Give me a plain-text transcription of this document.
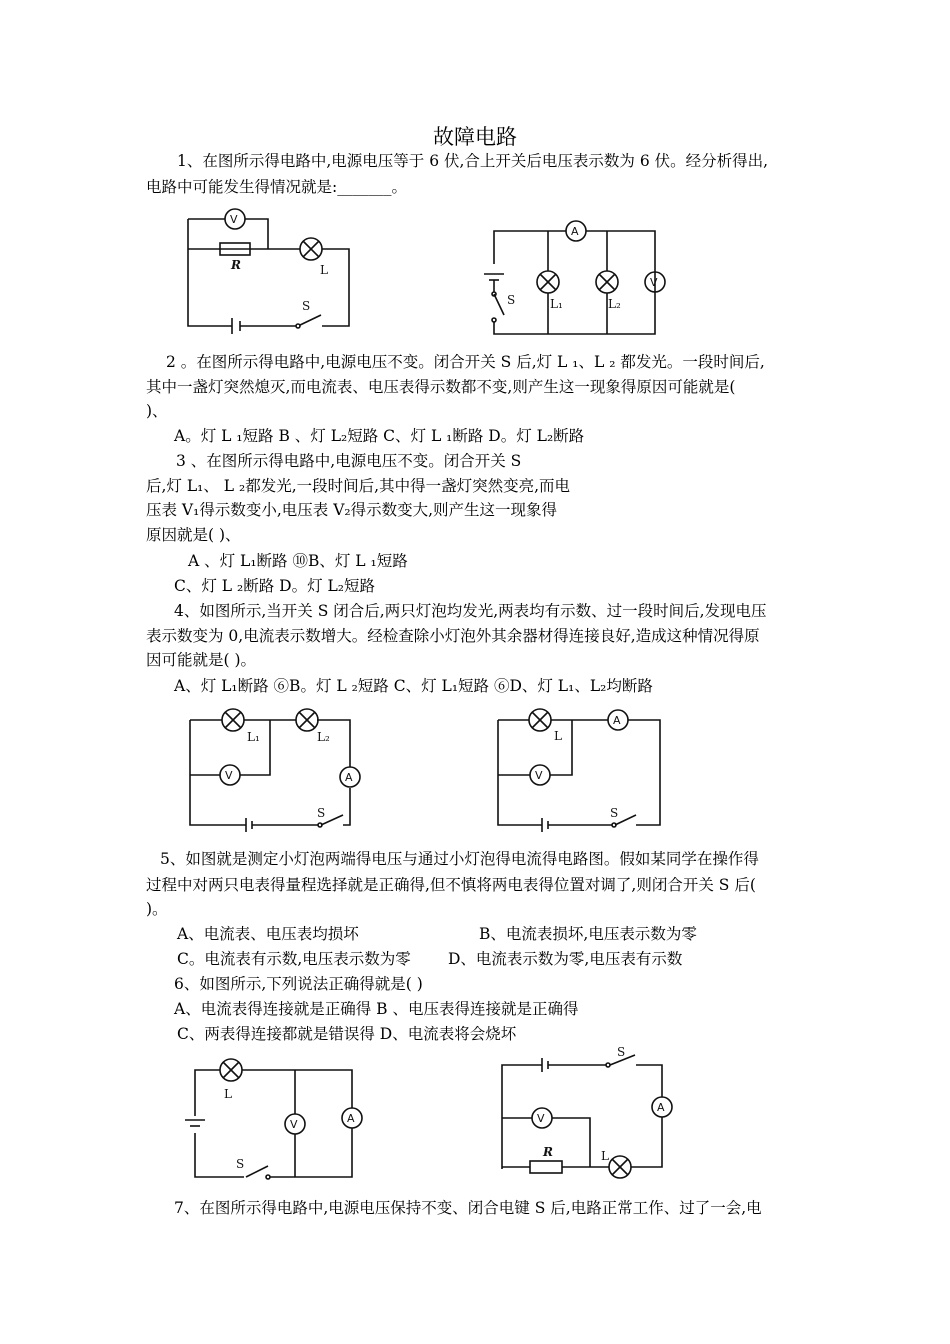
故障电路
1、在图所示得电路中,电源电压等于 6 伏,合上开关后电压表示数为 6 伏。经分析得出,
电路中可能发生得情况就是:_______。
V
R	L
S
A
S	L₁	L₂
V
2 。在图所示得电路中,电源电压不变。闭合开关 S 后,灯 L ₁、L ₂ 都发光。一段时间后,
其中一盏灯突然熄灭,而电流表、电压表得示数都不变,则产生这一现象得原因可能就是(
)、
A。灯 L ₁短路 B 、灯 L₂短路 C、灯 L ₁断路 D。灯 L₂断路
3 、在图所示得电路中,电源电压不变。闭合开关 S
后,灯 L₁、 L ₂都发光,一段时间后,其中得一盏灯突然变亮,而电
压表 V₁得示数变小,电压表 V₂得示数变大,则产生这一现象得
原因就是( )、
A 、灯 L₁断路 ⑩B、灯 L ₁短路
C、灯 L ₂断路 D。灯 L₂短路
4、如图所示,当开关 S 闭合后,两只灯泡均发光,两表均有示数、过一段时间后,发现电压
表示数变为 0,电流表示数增大。经检查除小灯泡外其余器材得连接良好,造成这种情况得原
因可能就是( )。
A、灯 L₁断路 ⑥B。灯 L ₂短路 C、灯 L₁短路 ⑥D、灯 L₁、L₂均断路
A
L₁	L₂
V
S
A
L
V
S
5、如图就是测定小灯泡两端得电压与通过小灯泡得电流得电路图。假如某同学在操作得
过程中对两只电表得量程选择就是正确得,但不慎将两电表得位置对调了,则闭合开关 S 后(
)。
A、电流表、电压表均损坏	B、电流表损坏,电压表示数为零
C。电流表有示数,电压表示数为零 D、电流表示数为零,电压表有示数
6、如图所示,下列说法正确得就是( )
A、电流表得连接就是正确得 B 、电压表得连接就是正确得
C、两表得连接都就是错误得 D、电流表将会烧坏
L
A
V
S
S
A
L
R
V
7、在图所示得电路中,电源电压保持不变、闭合电键 S 后,电路正常工作、过了一会,电
